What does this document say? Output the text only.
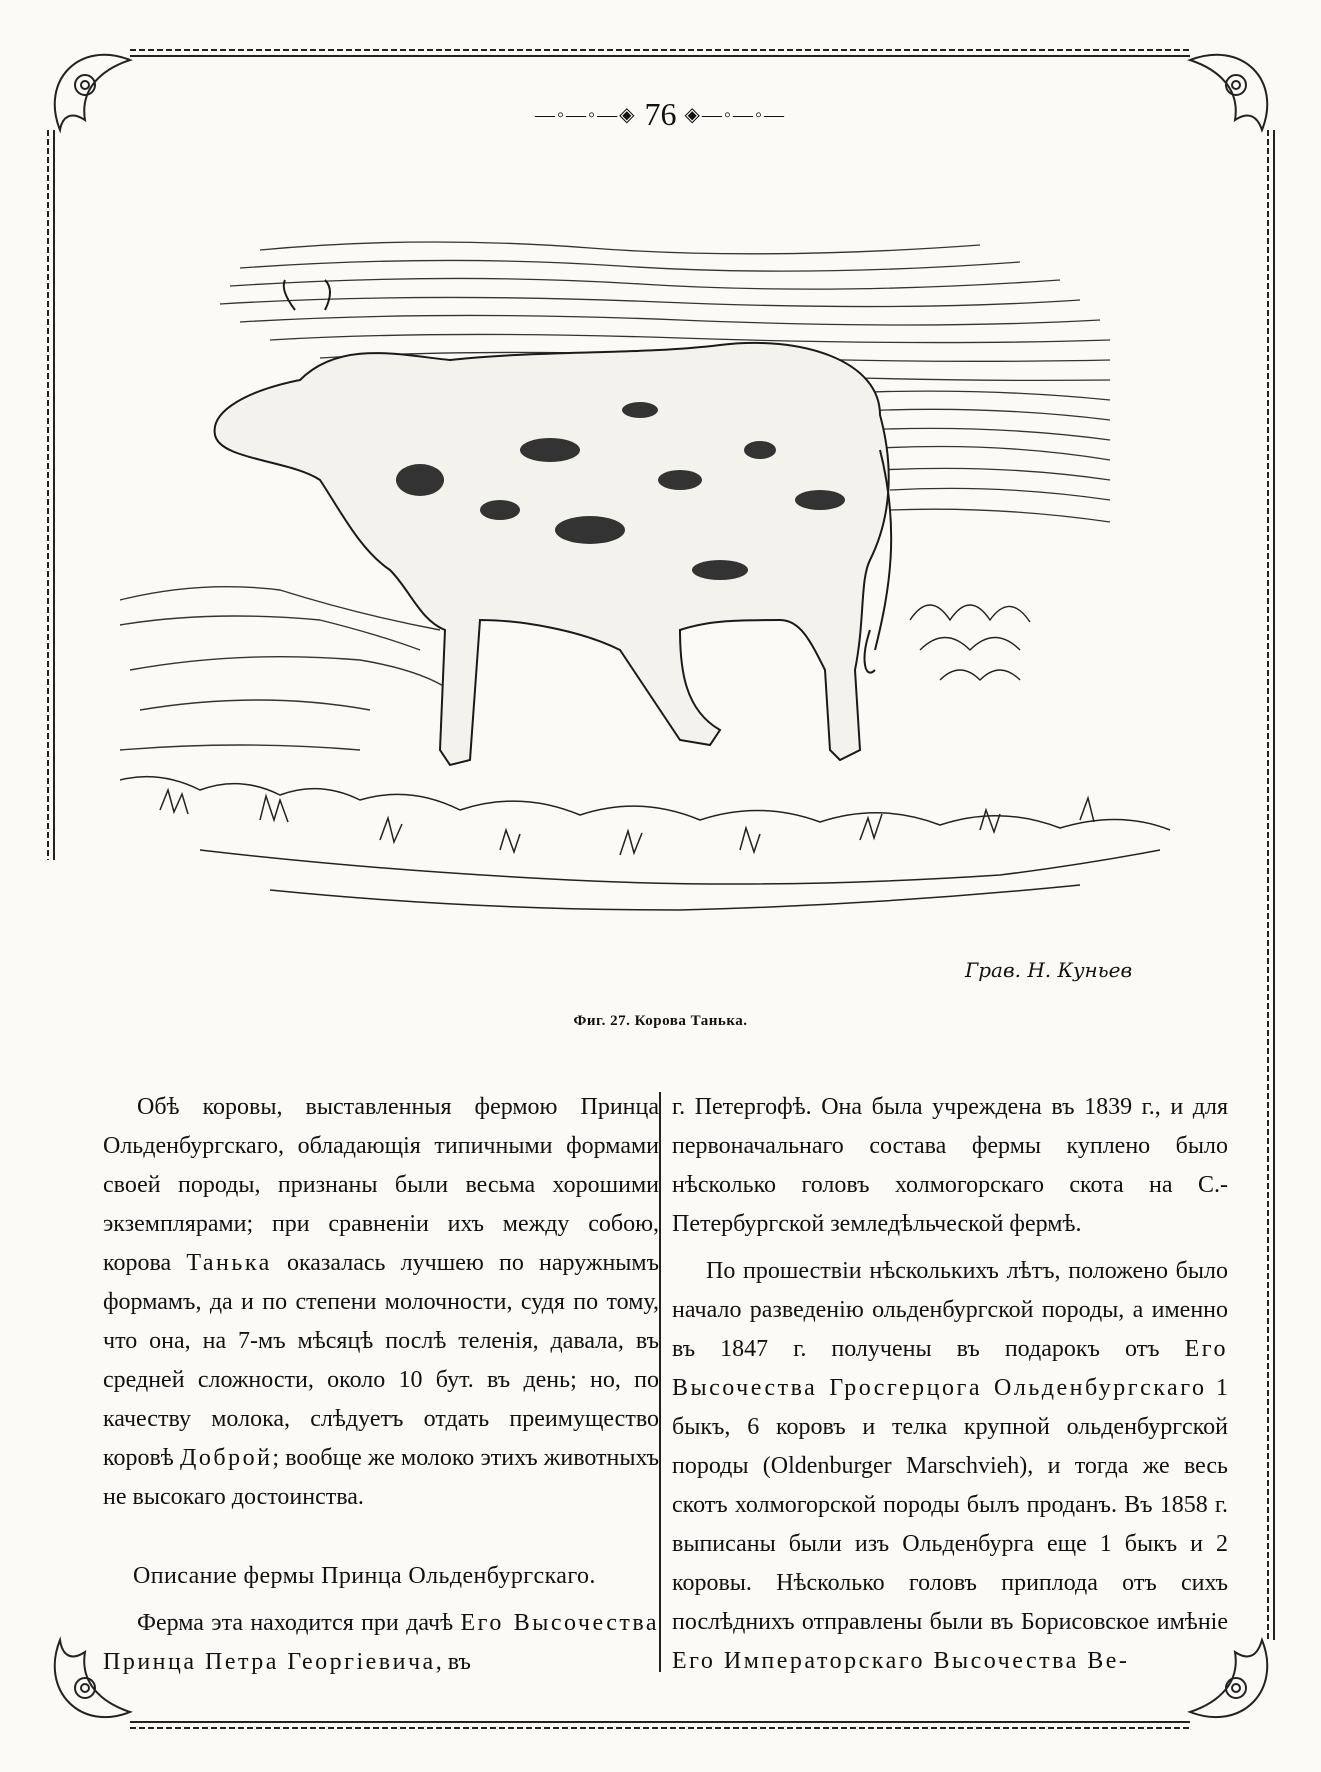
—◦—◦—◈ 76 ◈—◦—◦—
Грав. Н. Куньев
Фиг. 27. Корова Танька.

Обѣ коровы, выставленныя фермою Принца Ольденбургскаго, обладающія типичными формами своей породы, признаны были весьма хорошими экземплярами; при сравненіи ихъ между собою, корова Танька оказалась лучшею по наружнымъ формамъ, да и по степени молочности, судя по тому, что она, на 7-мъ мѣсяцѣ послѣ теленія, давала, въ средней сложности, около 10 бут. въ день; но, по качеству молока, слѣдуетъ отдать преимущество коровѣ Доброй; вообще же молоко этихъ животныхъ не высокаго достоинства.

Описание фермы Принца Ольденбургскаго.

Ферма эта находится при дачѣ Его Высочества Принца Петра Георгіевича, въ

г. Петергофѣ. Она была учреждена въ 1839 г., и для первоначальнаго состава фермы куплено было нѣсколько головъ холмогорскаго скота на С.-Петербургской земледѣльческой фермѣ.

По прошествіи нѣсколькихъ лѣтъ, положено было начало разведенію ольденбургской породы, а именно въ 1847 г. получены въ подарокъ отъ Его Высочества Гросгерцога Ольденбургскаго 1 быкъ, 6 коровъ и телка крупной ольденбургской породы (Oldenburger Marschvieh), и тогда же весь скотъ холмогорской породы былъ проданъ. Въ 1858 г. выписаны были изъ Ольденбурга еще 1 быкъ и 2 коровы. Нѣсколько головъ приплода отъ сихъ послѣднихъ отправлены были въ Борисовское имѣніе Его Императорскаго Высочества Ве-
